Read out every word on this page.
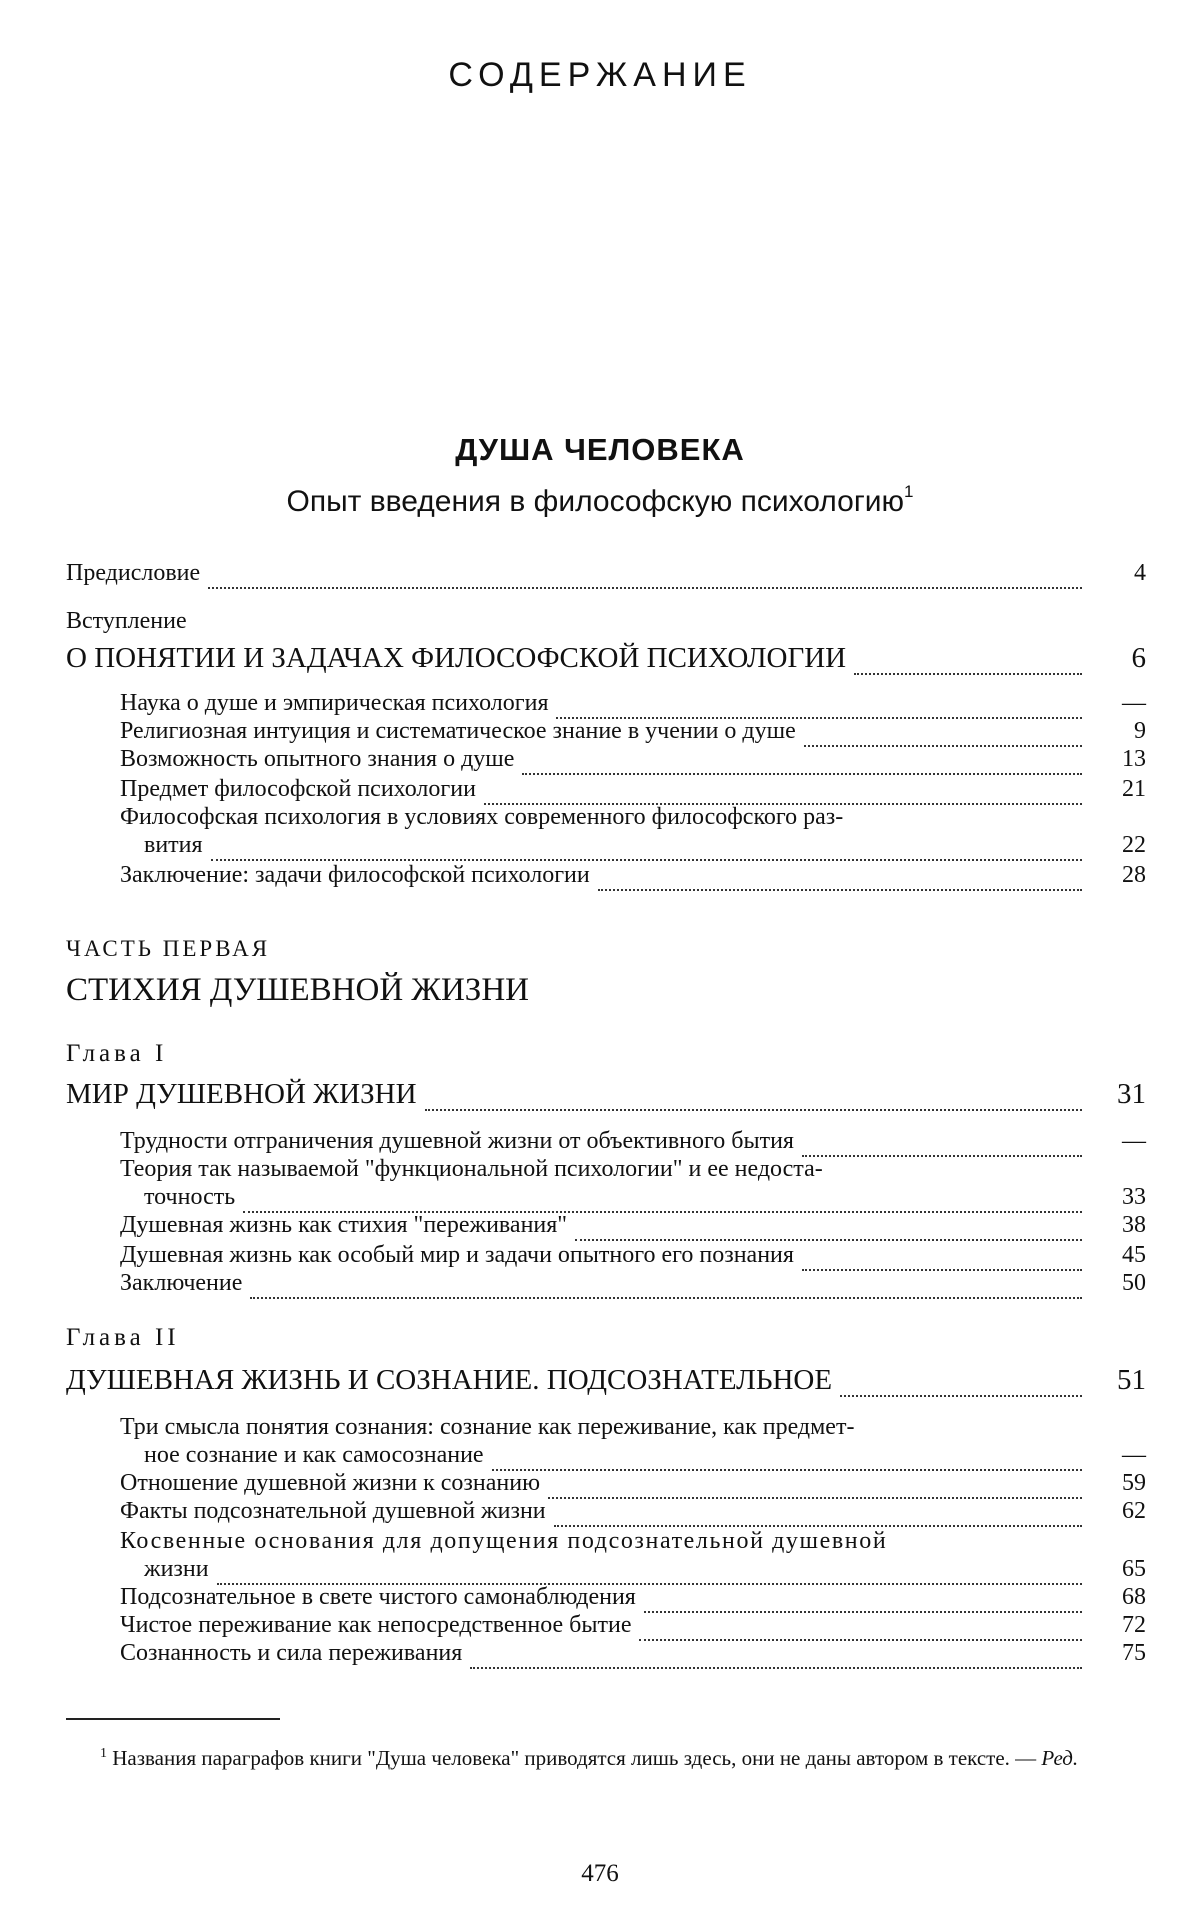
СОДЕРЖАНИЕ
ДУША ЧЕЛОВЕКА
Опыт введения в философскую психологию$^1$
Предисловие	4
Вступление
О ПОНЯТИИ И ЗАДАЧАХ ФИЛОСОФСКОЙ ПСИХОЛОГИИ	6
Наука о душе и эмпирическая психология	—
Религиозная интуиция и систематическое знание в учении о душе	9
Возможность опытного знания о душе	13
Предмет философской психологии	21
Философская психология в условиях современного философского раз-
вития	22
Заключение: задачи философской психологии	28
ЧАСТЬ ПЕРВАЯ
СТИХИЯ ДУШЕВНОЙ ЖИЗНИ
Глава I
МИР ДУШЕВНОЙ ЖИЗНИ	31
Трудности отграничения душевной жизни от объективного бытия	—
Теория так называемой "функциональной психологии" и ее недоста-
точность	33
Душевная жизнь как стихия "переживания"	38
Душевная жизнь как особый мир и задачи опытного его познания	45
Заключение	50
Глава II
ДУШЕВНАЯ ЖИЗНЬ И СОЗНАНИЕ. ПОДСОЗНАТЕЛЬНОЕ	51
Три смысла понятия сознания: сознание как переживание, как предмет-
ное сознание и как самосознание	—
Отношение душевной жизни к сознанию	59
Факты подсознательной душевной жизни	62
Косвенные основания для допущения подсознательной душевной
жизни	65
Подсознательное в свете чистого самонаблюдения	68
Чистое переживание как непосредственное бытие	72
Сознанность и сила переживания	75
$^1$ Названия параграфов книги "Душа человека" приводятся лишь здесь, они не даны автором в тексте. — Ред.
476
